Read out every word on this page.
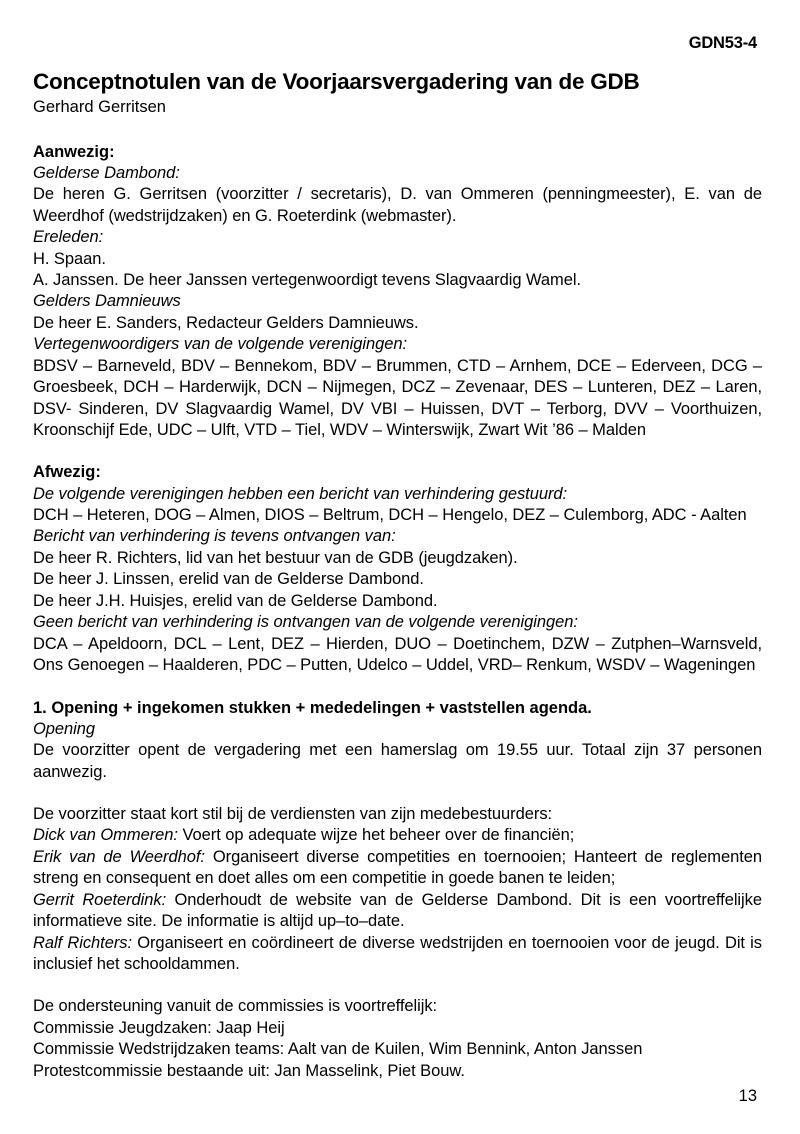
GDN53-4
Conceptnotulen van de Voorjaarsvergadering van de GDB
Gerhard Gerritsen
Aanwezig:
Gelderse Dambond:
De heren G. Gerritsen (voorzitter / secretaris), D. van Ommeren (penningmeester), E. van de Weerdhof (wedstrijdzaken) en G. Roeterdink (webmaster).
Ereleden:
H. Spaan.
A. Janssen. De heer Janssen vertegenwoordigt tevens Slagvaardig Wamel.
Gelders Damnieuws
De heer E. Sanders, Redacteur Gelders Damnieuws.
Vertegenwoordigers van de volgende verenigingen:
BDSV – Barneveld, BDV – Bennekom, BDV – Brummen, CTD – Arnhem, DCE – Ederveen, DCG – Groesbeek, DCH – Harderwijk, DCN – Nijmegen, DCZ – Zevenaar, DES – Lunteren, DEZ – Laren, DSV- Sinderen, DV Slagvaardig Wamel, DV VBI – Huissen, DVT – Terborg, DVV – Voorthuizen, Kroonschijf Ede, UDC – Ulft, VTD – Tiel, WDV – Winterswijk, Zwart Wit ’86 – Malden
Afwezig:
De volgende verenigingen hebben een bericht van verhindering gestuurd:
DCH – Heteren, DOG – Almen, DIOS – Beltrum, DCH – Hengelo, DEZ – Culemborg, ADC - Aalten
Bericht van verhindering is tevens ontvangen van:
De heer R. Richters, lid van het bestuur van de GDB (jeugdzaken).
De heer J. Linssen, erelid van de Gelderse Dambond.
De heer J.H. Huisjes, erelid van de Gelderse Dambond.
Geen bericht van verhindering is ontvangen van de volgende verenigingen:
DCA – Apeldoorn, DCL – Lent, DEZ – Hierden, DUO – Doetinchem, DZW – Zutphen–Warnsveld, Ons Genoegen – Haalderen, PDC – Putten, Udelco – Uddel, VRD– Renkum, WSDV – Wageningen
1. Opening + ingekomen stukken + mededelingen + vaststellen agenda.
Opening
De voorzitter opent de vergadering met een hamerslag om 19.55 uur. Totaal zijn 37 personen aanwezig.
De voorzitter staat kort stil bij de verdiensten van zijn medebestuurders:
Dick van Ommeren: Voert op adequate wijze het beheer over de financiën;
Erik van de Weerdhof: Organiseert diverse competities en toernooien; Hanteert de reglementen streng en consequent en doet alles om een competitie in goede banen te leiden;
Gerrit Roeterdink: Onderhoudt de website van de Gelderse Dambond. Dit is een voortreffelijke informatieve site. De informatie is altijd up–to–date.
Ralf Richters: Organiseert en coördineert de diverse wedstrijden en toernooien voor de jeugd. Dit is inclusief het schooldammen.
De ondersteuning vanuit de commissies is voortreffelijk:
Commissie Jeugdzaken: Jaap Heij
Commissie Wedstrijdzaken teams: Aalt van de Kuilen, Wim Bennink, Anton Janssen
Protestcommissie bestaande uit: Jan Masselink, Piet Bouw.
13
